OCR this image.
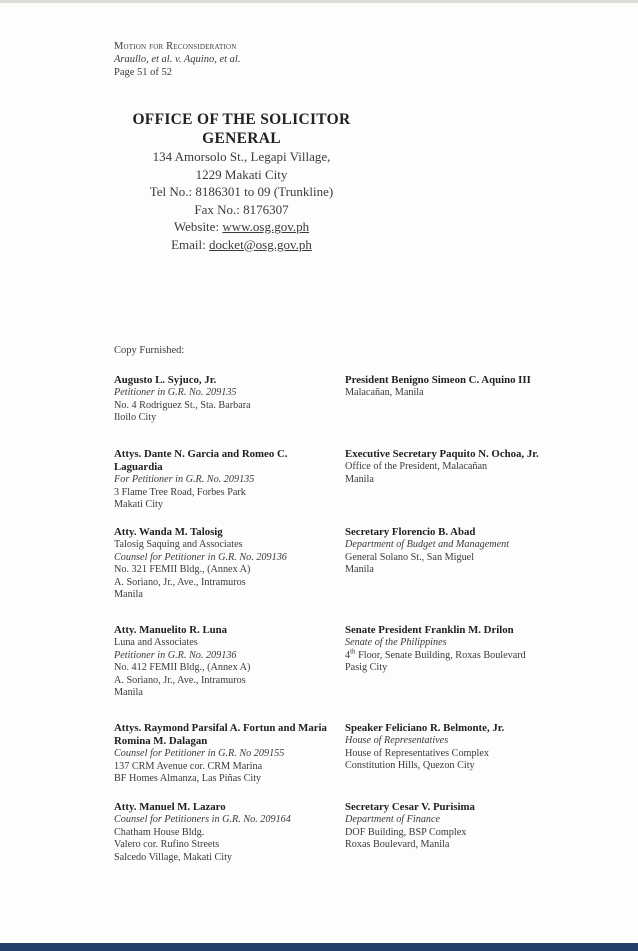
Motion for Reconsideration
Araullo, et al. v. Aquino, et al.
Page 51 of 52
OFFICE OF THE SOLICITOR GENERAL
134 Amorsolo St., Legapi Village,
1229 Makati City
Tel No.: 8186301 to 09 (Trunkline)
Fax No.: 8176307
Website: www.osg.gov.ph
Email: docket@osg.gov.ph
Copy Furnished:
Augusto L. Syjuco, Jr.
Petitioner in G.R. No. 209135
No. 4 Rodriguez St., Sta. Barbara
Iloilo City
Attys. Dante N. Garcia and Romeo C. Laguardia
For Petitioner in G.R. No. 209135
3 Flame Tree Road, Forbes Park
Makati City
Atty. Wanda M. Talosig
Talosig Saquing and Associates
Counsel for Petitioner in G.R. No. 209136
No. 321 FEMII Bldg., (Annex A)
A. Soriano, Jr., Ave., Intramuros
Manila
Atty. Manuelito R. Luna
Luna and Associates
Petitioner in G.R. No. 209136
No. 412 FEMII Bldg., (Annex A)
A. Soriano, Jr., Ave., Intramuros
Manila
Attys. Raymond Parsifal A. Fortun and Maria Romina M. Dalagan
Counsel for Petitioner in G.R. No 209155
137 CRM Avenue cor. CRM Marina
BF Homes Almanza, Las Piñas City
Atty. Manuel M. Lazaro
Counsel for Petitioners in G.R. No. 209164
Chatham House Bldg.
Valero cor. Rufino Streets
Salcedo Village, Makati City
President Benigno Simeon C. Aquino III
Malacañan, Manila
Executive Secretary Paquito N. Ochoa, Jr.
Office of the President, Malacañan
Manila
Secretary Florencio B. Abad
Department of Budget and Management
General Solano St., San Miguel
Manila
Senate President Franklin M. Drilon
Senate of the Philippines
4th Floor, Senate Building, Roxas Boulevard
Pasig City
Speaker Feliciano R. Belmonte, Jr.
House of Representatives
House of Representatives Complex
Constitution Hills, Quezon City
Secretary Cesar V. Purisima
Department of Finance
DOF Building, BSP Complex
Roxas Boulevard, Manila
